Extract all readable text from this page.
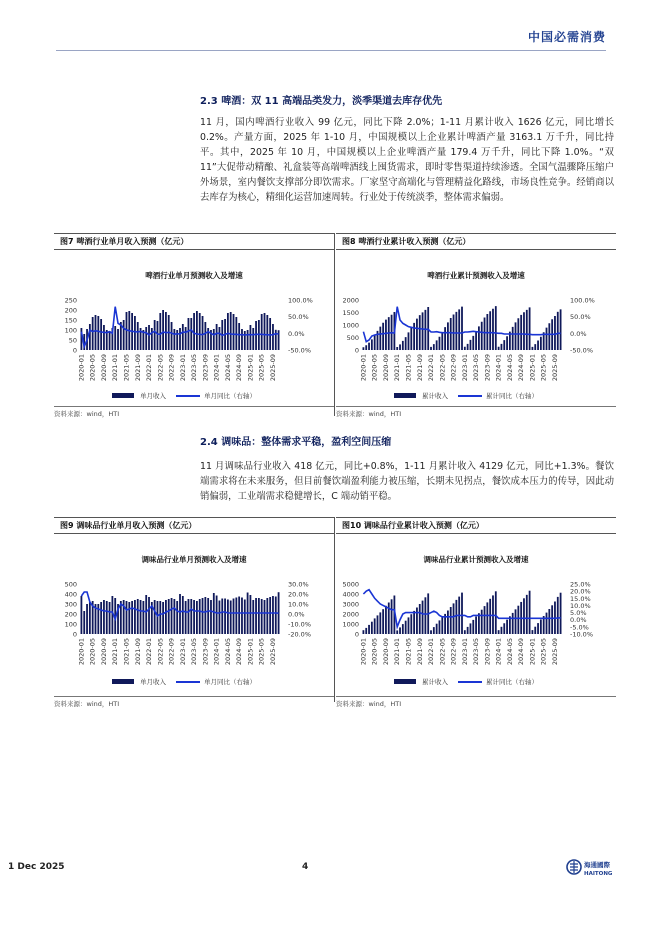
中国必需消费
2.3 啤酒：双 11 高端品类发力，淡季渠道去库存优先
11 月，国内啤酒行业收入 99 亿元，同比下降 2.0%；1-11 月累计收入 1626 亿元，同比增长 0.2%。产量方面，2025 年 1-10 月，中国规模以上企业累计啤酒产量 3163.1 万千升，同比持平。其中，2025 年 10 月，中国规模以上企业啤酒产量 179.4 万千升，同比下降 1.0%。“双 11”大促带动精酿、礼盒装等高端啤酒线上囤货需求，即时零售渠道持续渗透。全国气温骤降压缩户外场景，室内餐饮支撑部分即饮需求。厂家坚守高端化与管理精益化路线，市场良性竞争。经销商以去库存为核心，精细化运营加速周转。行业处于传统淡季，整体需求偏弱。
图7 啤酒行业单月收入预测（亿元）
啤酒行业单月预测收入及增速
250
200
150
100
50
0
100.0%
50.0%
0.0%
-50.0%
2020-01 2020-05 2020-09 2021-01 2021-05 2021-09 2022-01 2022-05 2022-09 2023-01 2023-05 2023-09 2024-01 2024-05 2024-09 2025-01 2025-05 2025-09
单月收入	单月同比（右轴）
图8 啤酒行业累计收入预测（亿元）
啤酒行业累计预测收入及增速
2000
1500
1000
500
0
100.0%
50.0%
0.0%
-50.0%
2020-01 2020-05 2020-09 2021-01 2021-05 2021-09 2022-01 2022-05 2022-09 2023-01 2023-05 2023-09 2024-01 2024-05 2024-09 2025-01 2025-05 2025-09
累计收入	累计同比（右轴）
资料来源：wind，HTI	资料来源：wind，HTI
2.4 调味品：整体需求平稳，盈利空间压缩
11 月调味品行业收入 418 亿元，同比+0.8%，1-11 月累计收入 4129 亿元，同比+1.3%。餐饮端需求将在未来服务，但目前餐饮端盈利能力被压缩，长期未见拐点，餐饮成本压力的传导，因此动销偏弱，工业端需求稳健增长，C 端动销平稳。
图9 调味品行业单月收入预测（亿元）
调味品行业单月预测收入及增速
500
400
300
200
100
0
30.0%
20.0%
10.0%
0.0%
-10.0%
-20.0%
2020-01 2020-05 2020-09 2021-01 2021-05 2021-09 2022-01 2022-05 2022-09 2023-01 2023-05 2023-09 2024-01 2024-05 2024-09 2025-01 2025-05 2025-09
单月收入	单月同比（右轴）
图10 调味品行业累计收入预测（亿元）
调味品行业累计预测收入及增速
5000
4000
3000
2000
1000
0
25.0%
20.0%
15.0%
10.0%
5.0%
0.0%
-5.0%
-10.0%
2020-01 2020-05 2020-09 2021-01 2021-05 2021-09 2022-01 2022-05 2022-09 2023-01 2023-05 2023-09 2024-01 2024-05 2024-09 2025-01 2025-05 2025-09
累计收入	累计同比（右轴）
资料来源：wind，HTI	资料来源：wind，HTI
1 Dec 2025	4	海通國際
HAITONG
